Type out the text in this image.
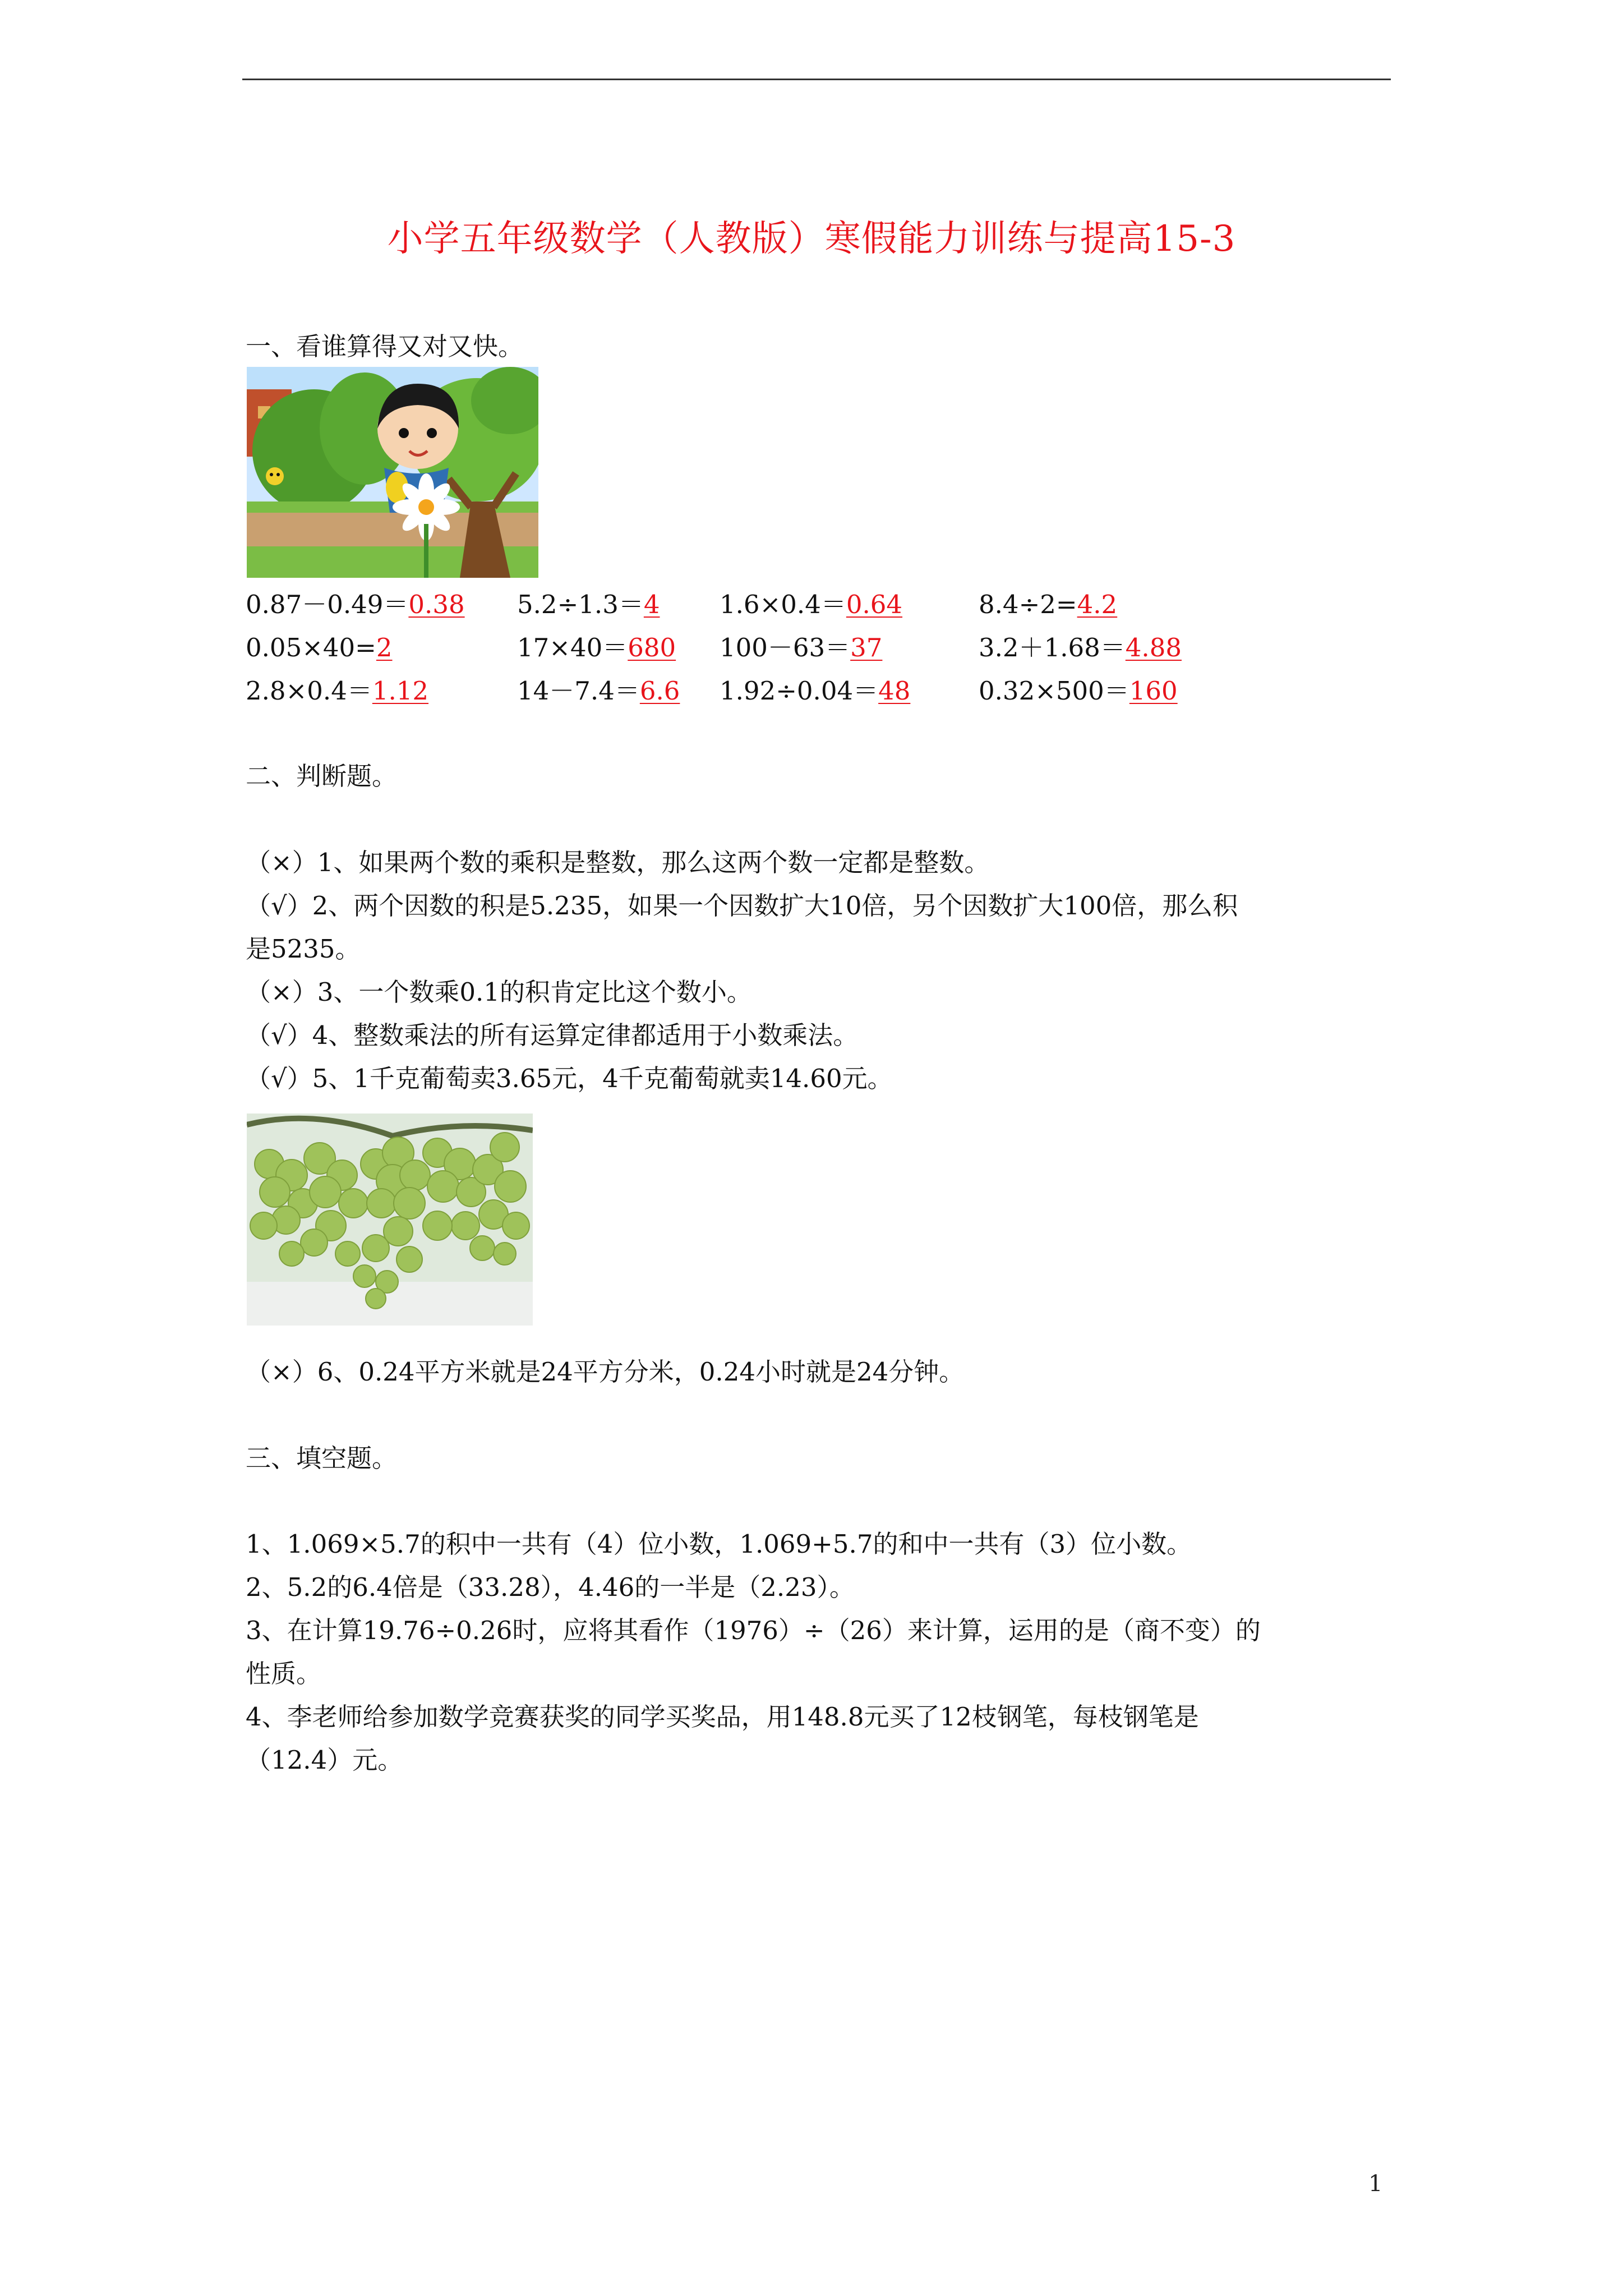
小学五年级数学（人教版）寒假能力训练与提高15-3
一、看谁算得又对又快。
0.87－0.49＝0.38 5.2÷1.3＝4 1.6×0.4＝0.64	8.4÷2=4.2
0.05×40=2	17×40＝680 100－63＝37	3.2＋1.68＝4.88
2.8×0.4＝1.12	14－7.4＝6.6 1.92÷0.04＝48	0.32×500＝160
二、判断题。
（×）1、如果两个数的乘积是整数，那么这两个数一定都是整数。
（√）2、两个因数的积是5.235，如果一个因数扩大10倍，另个因数扩大100倍，那么积
是5235。
（×）3、一个数乘0.1的积肯定比这个数小。
（√）4、整数乘法的所有运算定律都适用于小数乘法。
（√）5、1千克葡萄卖3.65元，4千克葡萄就卖14.60元。
（×）6、0.24平方米就是24平方分米，0.24小时就是24分钟。
三、填空题。
1、1.069×5.7的积中一共有（4）位小数，1.069+5.7的和中一共有（3）位小数。
2、5.2的6.4倍是（33.28），4.46的一半是（2.23）。
3、在计算19.76÷0.26时，应将其看作（1976）÷（26）来计算，运用的是（商不变）的
性质。
4、李老师给参加数学竞赛获奖的同学买奖品，用148.8元买了12枝钢笔，每枝钢笔是
（12.4）元。
1
